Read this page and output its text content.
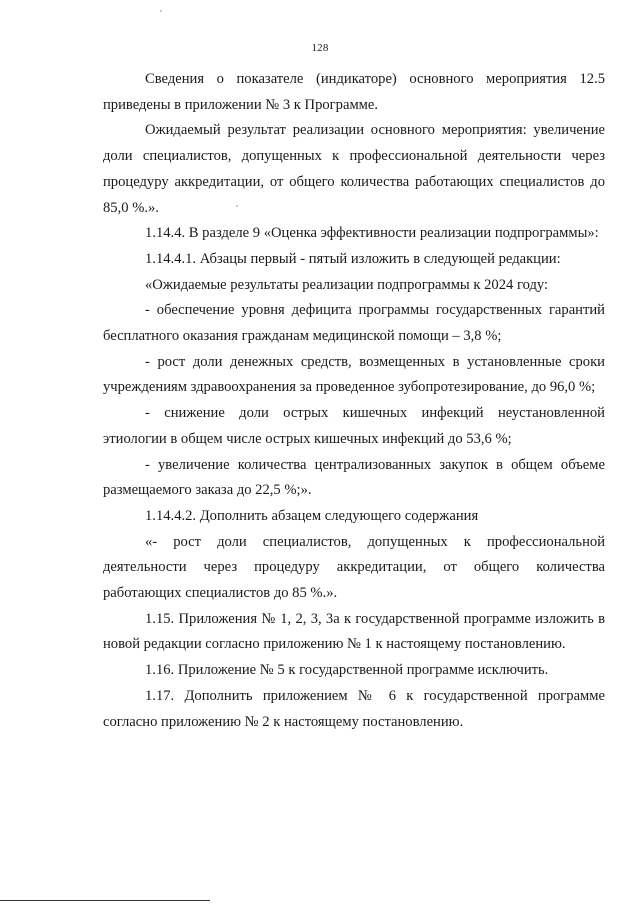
128

Сведения о показателе (индикаторе) основного мероприятия 12.5 приведены в приложении № 3 к Программе.

Ожидаемый результат реализации основного мероприятия: увеличение доли специалистов, допущенных к профессиональной деятельности через процедуру аккредитации, от общего количества работающих специалистов до 85,0 %.».

1.14.4. В разделе 9 «Оценка эффективности реализации подпрограммы»:

1.14.4.1. Абзацы первый - пятый изложить в следующей редакции:

«Ожидаемые результаты реализации подпрограммы к 2024 году:

- обеспечение уровня дефицита программы государственных гарантий бесплатного оказания гражданам медицинской помощи – 3,8 %;

- рост доли денежных средств, возмещенных в установленные сроки учреждениям здравоохранения за проведенное зубопротезирование, до 96,0 %;

- снижение доли острых кишечных инфекций неустановленной этиологии в общем числе острых кишечных инфекций до 53,6 %;

- увеличение количества централизованных закупок в общем объеме размещаемого заказа до 22,5 %;».

1.14.4.2. Дополнить абзацем следующего содержания

«- рост доли специалистов, допущенных к профессиональной деятельности через процедуру аккредитации, от общего количества работающих специалистов до 85 %.».

1.15. Приложения № 1, 2, 3, 3а к государственной программе изложить в новой редакции согласно приложению № 1 к настоящему постановлению.

1.16. Приложение № 5 к государственной программе исключить.

1.17. Дополнить приложением № 6 к государственной программе согласно приложению № 2 к настоящему постановлению.
